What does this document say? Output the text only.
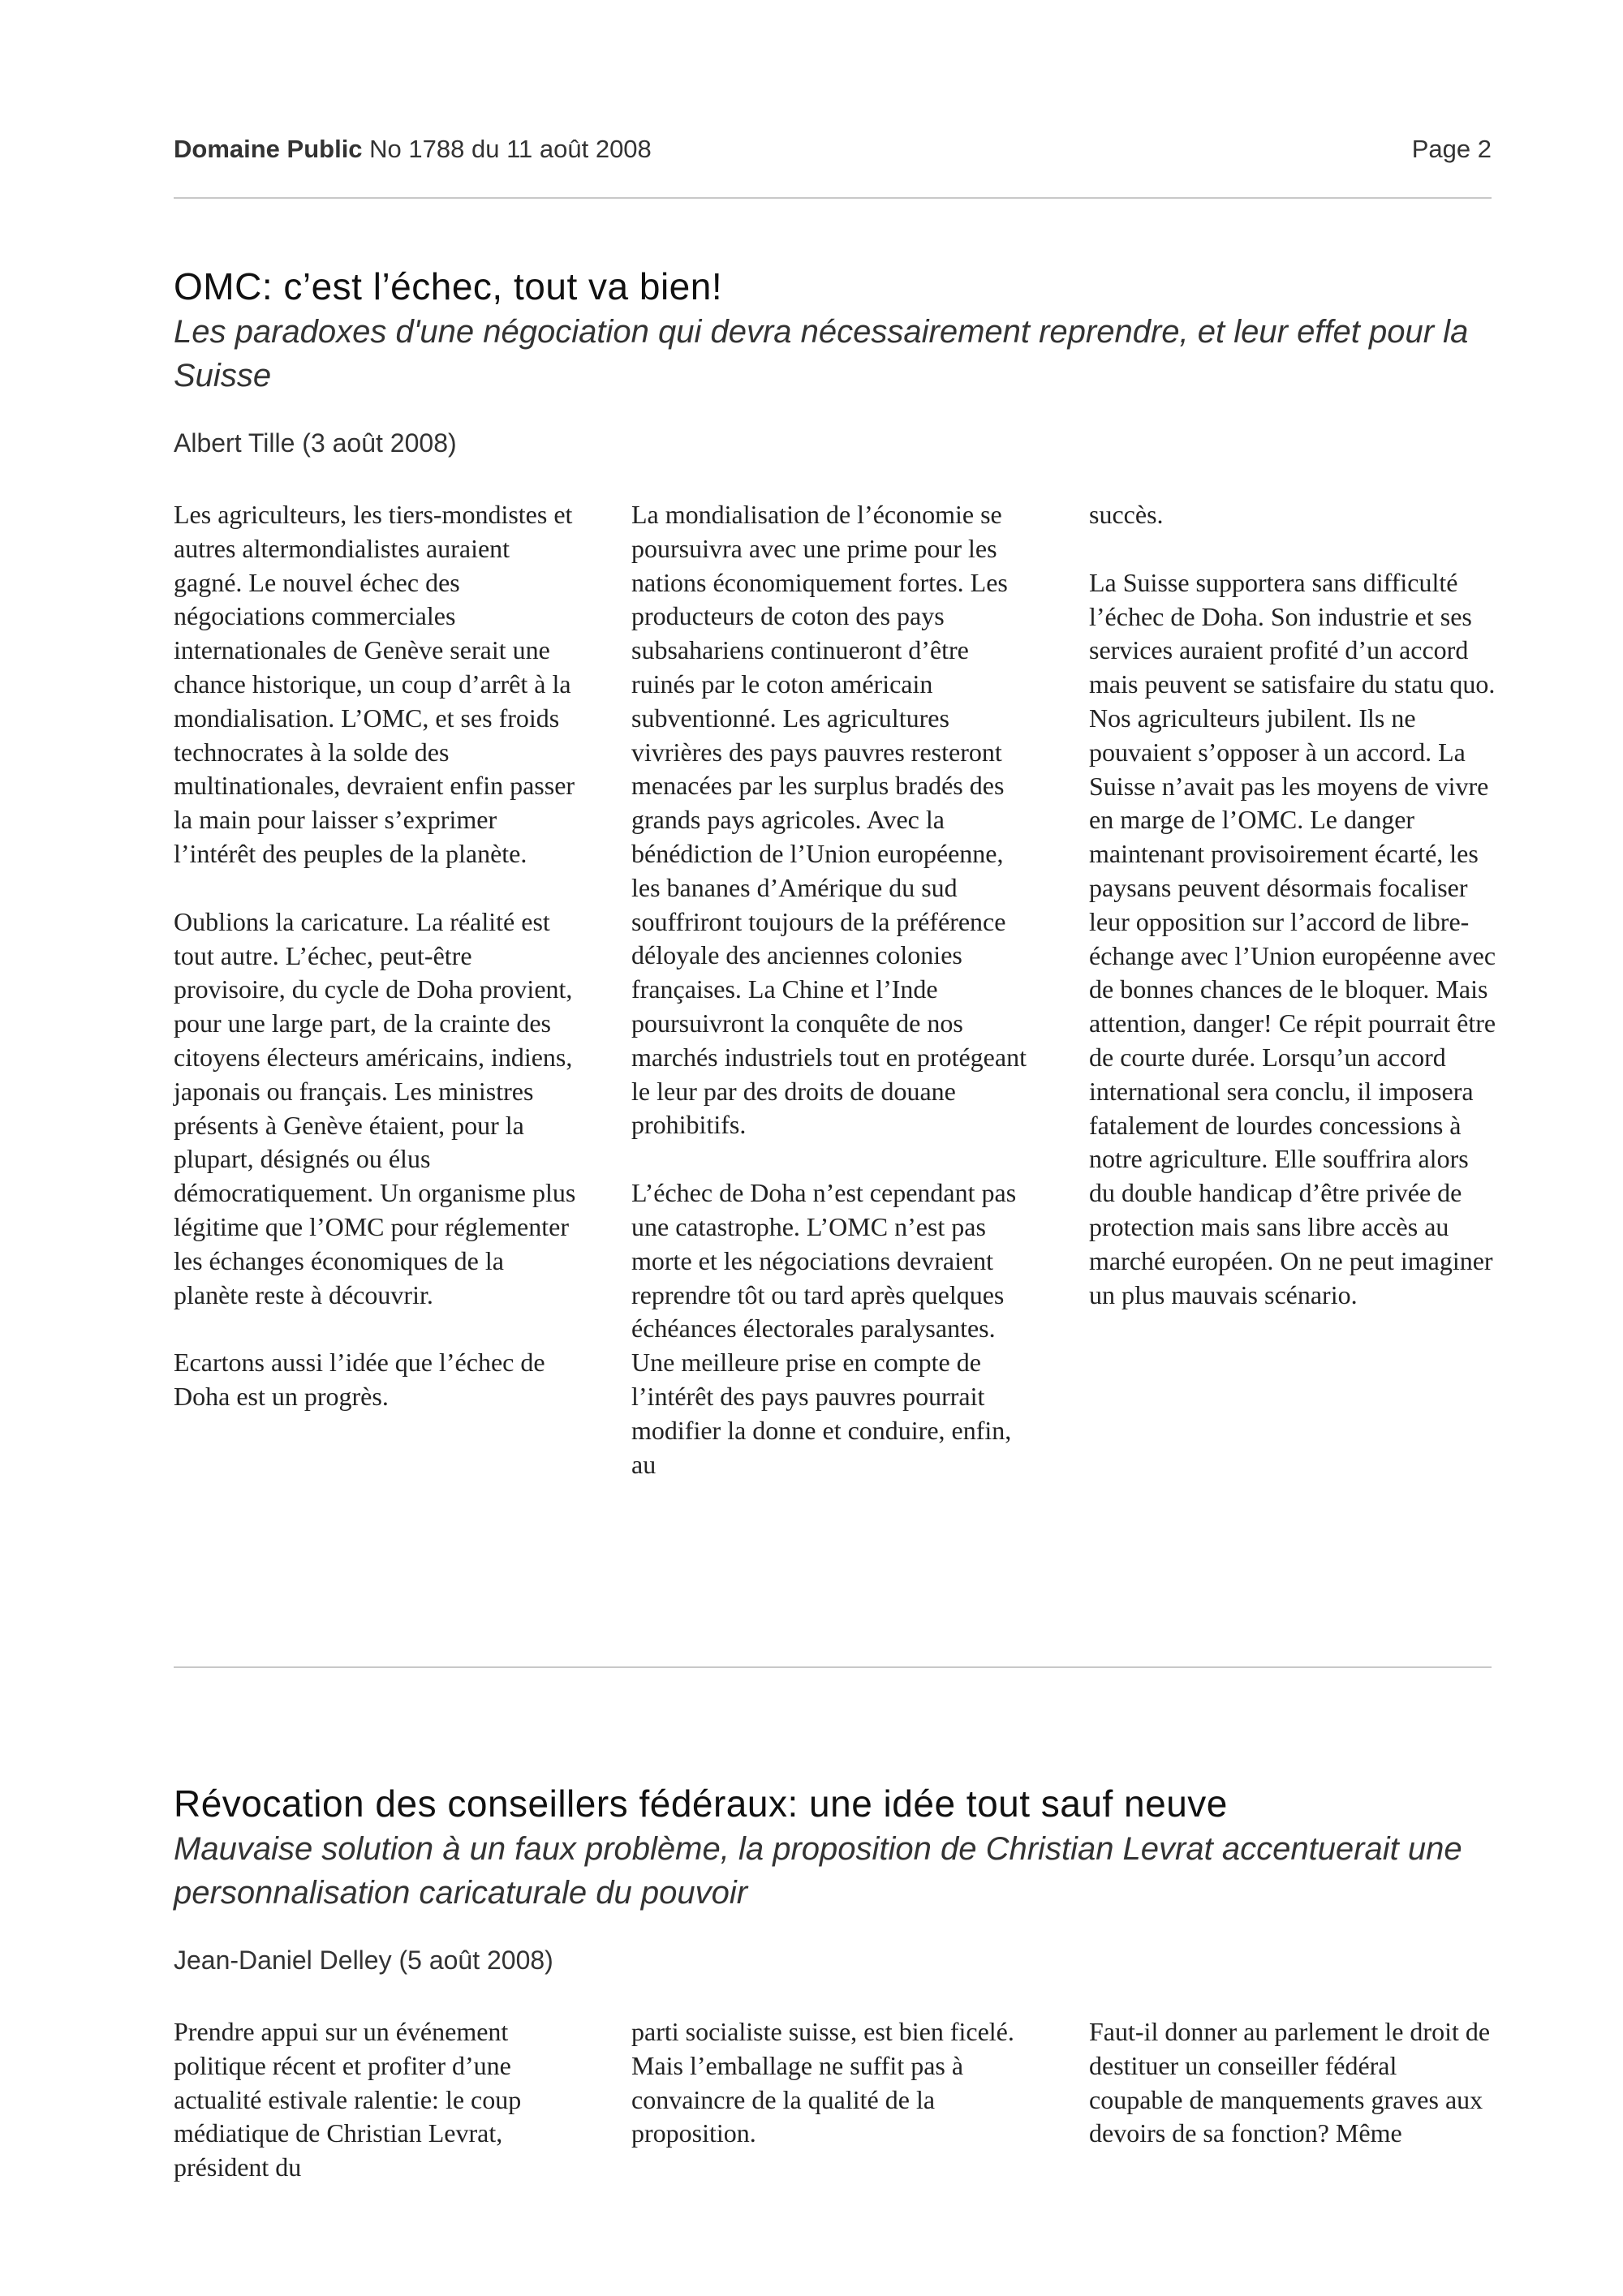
Domaine Public No 1788 du 11 août 2008	Page 2
OMC: c’est l’échec, tout va bien!

Les paradoxes d'une négociation qui devra nécessairement reprendre, et leur effet pour la Suisse

Albert Tille (3 août 2008)

Les agriculteurs, les tiers-mondistes et autres altermondialistes auraient gagné. Le nouvel échec des négociations commerciales internationales de Genève serait une chance historique, un coup d’arrêt à la mondialisation. L’OMC, et ses froids technocrates à la solde des multinationales, devraient enfin passer la main pour laisser s’exprimer l’intérêt des peuples de la planète.

Oublions la caricature. La réalité est tout autre. L’échec, peut-être provisoire, du cycle de Doha provient, pour une large part, de la crainte des citoyens électeurs américains, indiens, japonais ou français. Les ministres présents à Genève étaient, pour la plupart, désignés ou élus démocratiquement. Un organisme plus légitime que l’OMC pour réglementer les échanges économiques de la planète reste à découvrir.

Ecartons aussi l’idée que l’échec de Doha est un progrès.

La mondialisation de l’économie se poursuivra avec une prime pour les nations économiquement fortes. Les producteurs de coton des pays subsahariens continueront d’être ruinés par le coton américain subventionné. Les agricultures vivrières des pays pauvres resteront menacées par les surplus bradés des grands pays agricoles. Avec la bénédiction de l’Union européenne, les bananes d’Amérique du sud souffriront toujours de la préférence déloyale des anciennes colonies françaises. La Chine et l’Inde poursuivront la conquête de nos marchés industriels tout en protégeant le leur par des droits de douane prohibitifs.

L’échec de Doha n’est cependant pas une catastrophe. L’OMC n’est pas morte et les négociations devraient reprendre tôt ou tard après quelques échéances électorales paralysantes. Une meilleure prise en compte de l’intérêt des pays pauvres pourrait modifier la donne et conduire, enfin, au

succès.

La Suisse supportera sans difficulté l’échec de Doha. Son industrie et ses services auraient profité d’un accord mais peuvent se satisfaire du statu quo. Nos agriculteurs jubilent. Ils ne pouvaient s’opposer à un accord. La Suisse n’avait pas les moyens de vivre en marge de l’OMC. Le danger maintenant provisoirement écarté, les paysans peuvent désormais focaliser leur opposition sur l’accord de libre-échange avec l’Union européenne avec de bonnes chances de le bloquer. Mais attention, danger! Ce répit pourrait être de courte durée. Lorsqu’un accord international sera conclu, il imposera fatalement de lourdes concessions à notre agriculture. Elle souffrira alors du double handicap d’être privée de protection mais sans libre accès au marché européen. On ne peut imaginer un plus mauvais scénario.

Révocation des conseillers fédéraux: une idée tout sauf neuve

Mauvaise solution à un faux problème, la proposition de Christian Levrat accentuerait une personnalisation caricaturale du pouvoir

Jean-Daniel Delley (5 août 2008)

Prendre appui sur un événement politique récent et profiter d’une actualité estivale ralentie: le coup médiatique de Christian Levrat, président du

parti socialiste suisse, est bien ficelé. Mais l’emballage ne suffit pas à convaincre de la qualité de la proposition.

Faut-il donner au parlement le droit de destituer un conseiller fédéral coupable de manquements graves aux devoirs de sa fonction? Même
